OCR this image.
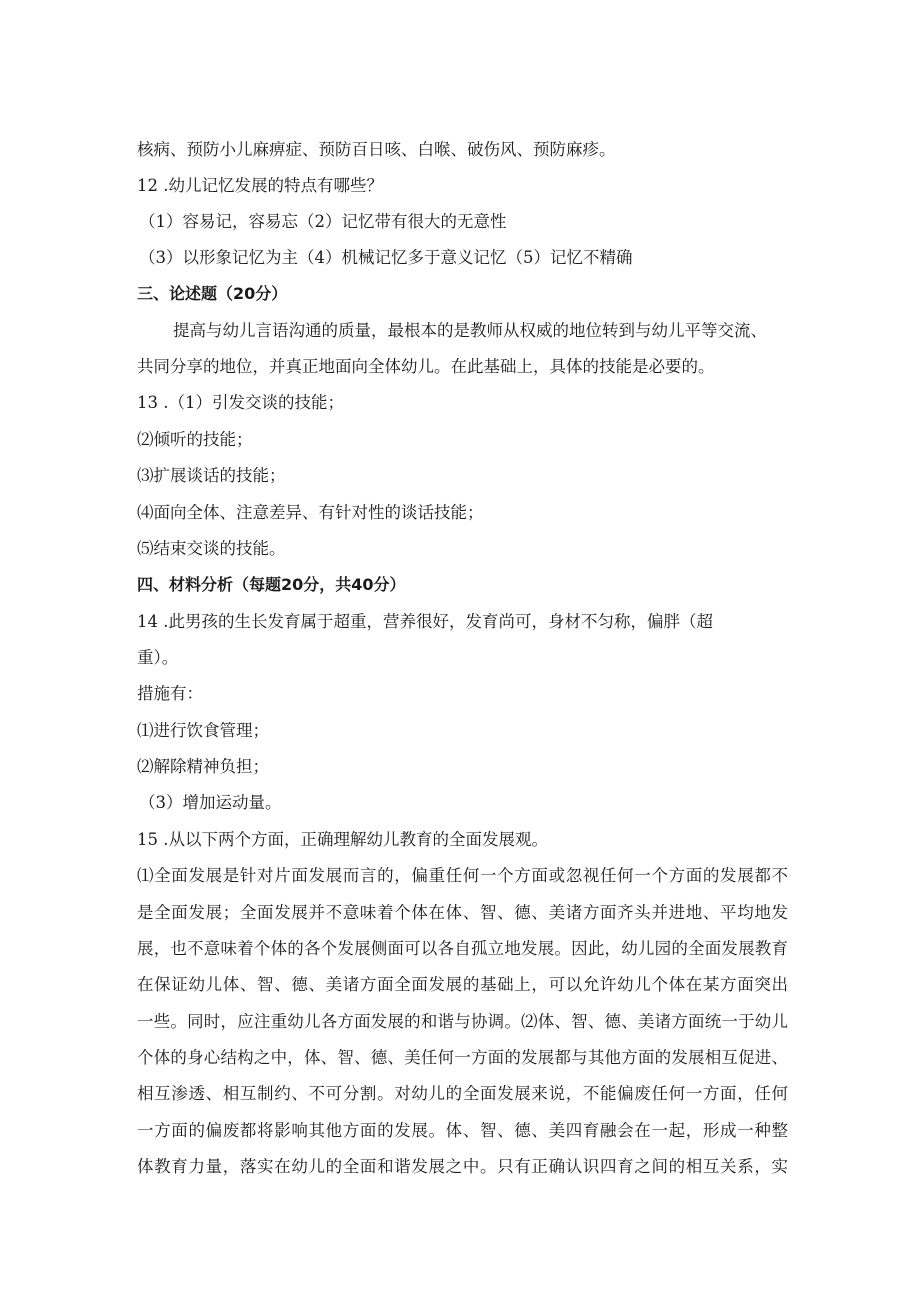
核病、预防小儿麻痹症、预防百日咳、白喉、破伤风、预防麻疹。
12 .幼儿记忆发展的特点有哪些？
（1）容易记，容易忘（2）记忆带有很大的无意性
（3）以形象记忆为主（4）机械记忆多于意义记忆（5）记忆不精确
三、论述题（20分）
提高与幼儿言语沟通的质量，最根本的是教师从权威的地位转到与幼儿平等交流、
共同分享的地位，并真正地面向全体幼儿。在此基础上，具体的技能是必要的。
13 .（1）引发交谈的技能；
⑵倾听的技能；
⑶扩展谈话的技能；
⑷面向全体、注意差异、有针对性的谈话技能；
⑸结束交谈的技能。
四、材料分析（每题20分，共40分）
14 .此男孩的生长发育属于超重，营养很好，发育尚可，身材不匀称，偏胖（超
重）。
措施有：
⑴进行饮食管理；
⑵解除精神负担；
（3）增加运动量。
15 .从以下两个方面，正确理解幼儿教育的全面发展观。
⑴全面发展是针对片面发展而言的，偏重任何一个方面或忽视任何一个方面的发展都不
是全面发展；全面发展并不意味着个体在体、智、德、美诸方面齐头并进地、平均地发
展，也不意味着个体的各个发展侧面可以各自孤立地发展。因此，幼儿园的全面发展教育
在保证幼儿体、智、德、美诸方面全面发展的基础上，可以允许幼儿个体在某方面突出
一些。同时，应注重幼儿各方面发展的和谐与协调。⑵体、智、德、美诸方面统一于幼儿
个体的身心结构之中，体、智、德、美任何一方面的发展都与其他方面的发展相互促进、
相互渗透、相互制约、不可分割。对幼儿的全面发展来说，不能偏废任何一方面，任何
一方面的偏废都将影响其他方面的发展。体、智、德、美四育融会在一起，形成一种整
体教育力量，落实在幼儿的全面和谐发展之中。只有正确认识四育之间的相互关系，实
